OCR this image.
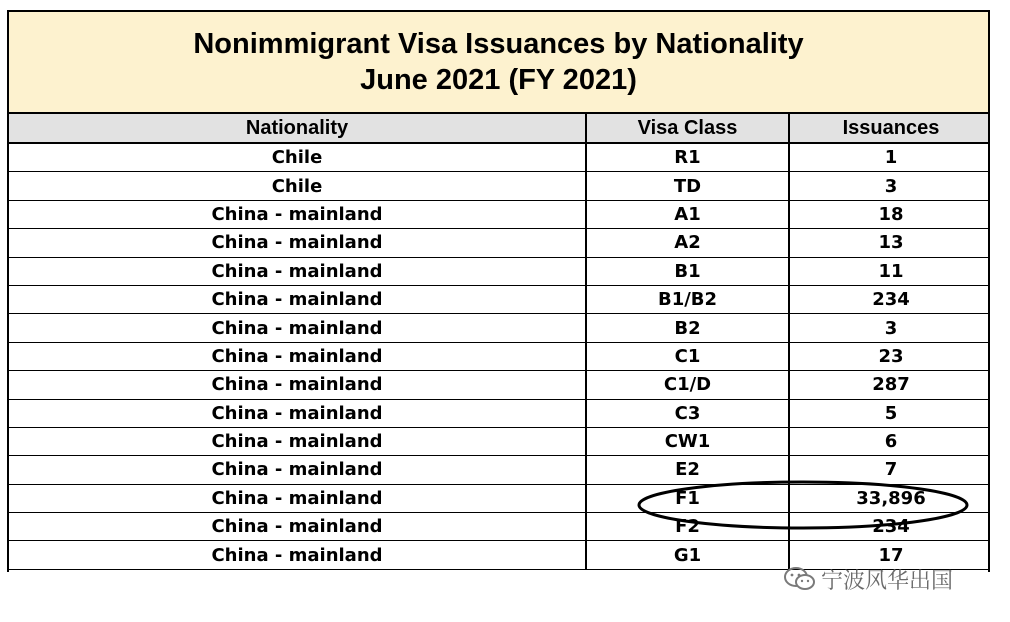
Nonimmigrant Visa Issuances by Nationality
June 2021 (FY 2021)
Nationality	Visa Class	Issuances
Chile	R1	1
Chile	TD	3
China - mainland	A1	18
China - mainland	A2	13
China - mainland	B1	11
China - mainland	B1/B2	234
China - mainland	B2	3
China - mainland	C1	23
China - mainland	C1/D	287
China - mainland	C3	5
China - mainland	CW1	6
China - mainland	E2	7
China - mainland	F1	33,896
China - mainland	F2	234
China - mainland	G1	17
宁波风华出国
